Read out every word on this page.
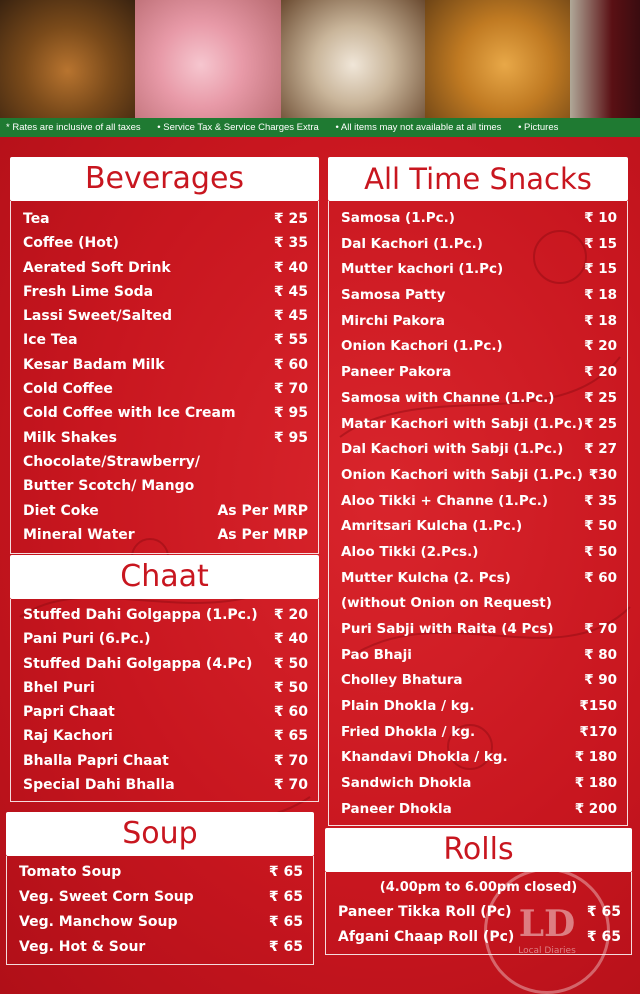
* Rates are inclusive of all taxes • Service Tax & Service Charges Extra • All items may not available at all times • Pictures
Beverages
Tea	₹ 25
Coffee (Hot)	₹ 35
Aerated Soft Drink	₹ 40
Fresh Lime Soda	₹ 45
Lassi Sweet/Salted	₹ 45
Ice Tea	₹ 55
Kesar Badam Milk	₹ 60
Cold Coffee	₹ 70
Cold Coffee with Ice Cream	₹ 95
Milk Shakes	₹ 95
Chocolate/Strawberry/
Butter Scotch/ Mango
Diet Coke	As Per MRP
Mineral Water	As Per MRP
Chaat
Stuffed Dahi Golgappa (1.Pc.) ₹ 20
Pani Puri (6.Pc.)	₹ 40
Stuffed Dahi Golgappa (4.Pc) ₹ 50
Bhel Puri	₹ 50
Papri Chaat	₹ 60
Raj Kachori	₹ 65
Bhalla Papri Chaat	₹ 70
Special Dahi Bhalla	₹ 70
Soup
Tomato Soup	₹ 65
Veg. Sweet Corn Soup	₹ 65
Veg. Manchow Soup	₹ 65
Veg. Hot & Sour	₹ 65
All Time Snacks
Samosa (1.Pc.)	₹ 10
Dal Kachori (1.Pc.)	₹ 15
Mutter kachori (1.Pc)	₹ 15
Samosa Patty	₹ 18
Mirchi Pakora	₹ 18
Onion Kachori (1.Pc.)	₹ 20
Paneer Pakora	₹ 20
Samosa with Channe (1.Pc.) ₹ 25
Matar Kachori with Sabji (1.Pc.) ₹ 25
Dal Kachori with Sabji (1.Pc.) ₹ 27
Onion Kachori with Sabji (1.Pc.) ₹30
Aloo Tikki + Channe (1.Pc.)	₹ 35
Amritsari Kulcha (1.Pc.)	₹ 50
Aloo Tikki (2.Pcs.)	₹ 50
Mutter Kulcha (2. Pcs)	₹ 60
(without Onion on Request)
Puri Sabji with Raita (4 Pcs) ₹ 70
Pao Bhaji	₹ 80
Cholley Bhatura	₹ 90
Plain Dhokla / kg.	₹150
Fried Dhokla / kg.	₹170
Khandavi Dhokla / kg.	₹ 180
Sandwich Dhokla	₹ 180
Paneer Dhokla	₹ 200
Rolls
(4.00pm to 6.00pm closed)
Paneer Tikka Roll (Pc)	₹ 65
Afgani Chaap Roll (Pc)	₹ 65
LD
Local Diaries
